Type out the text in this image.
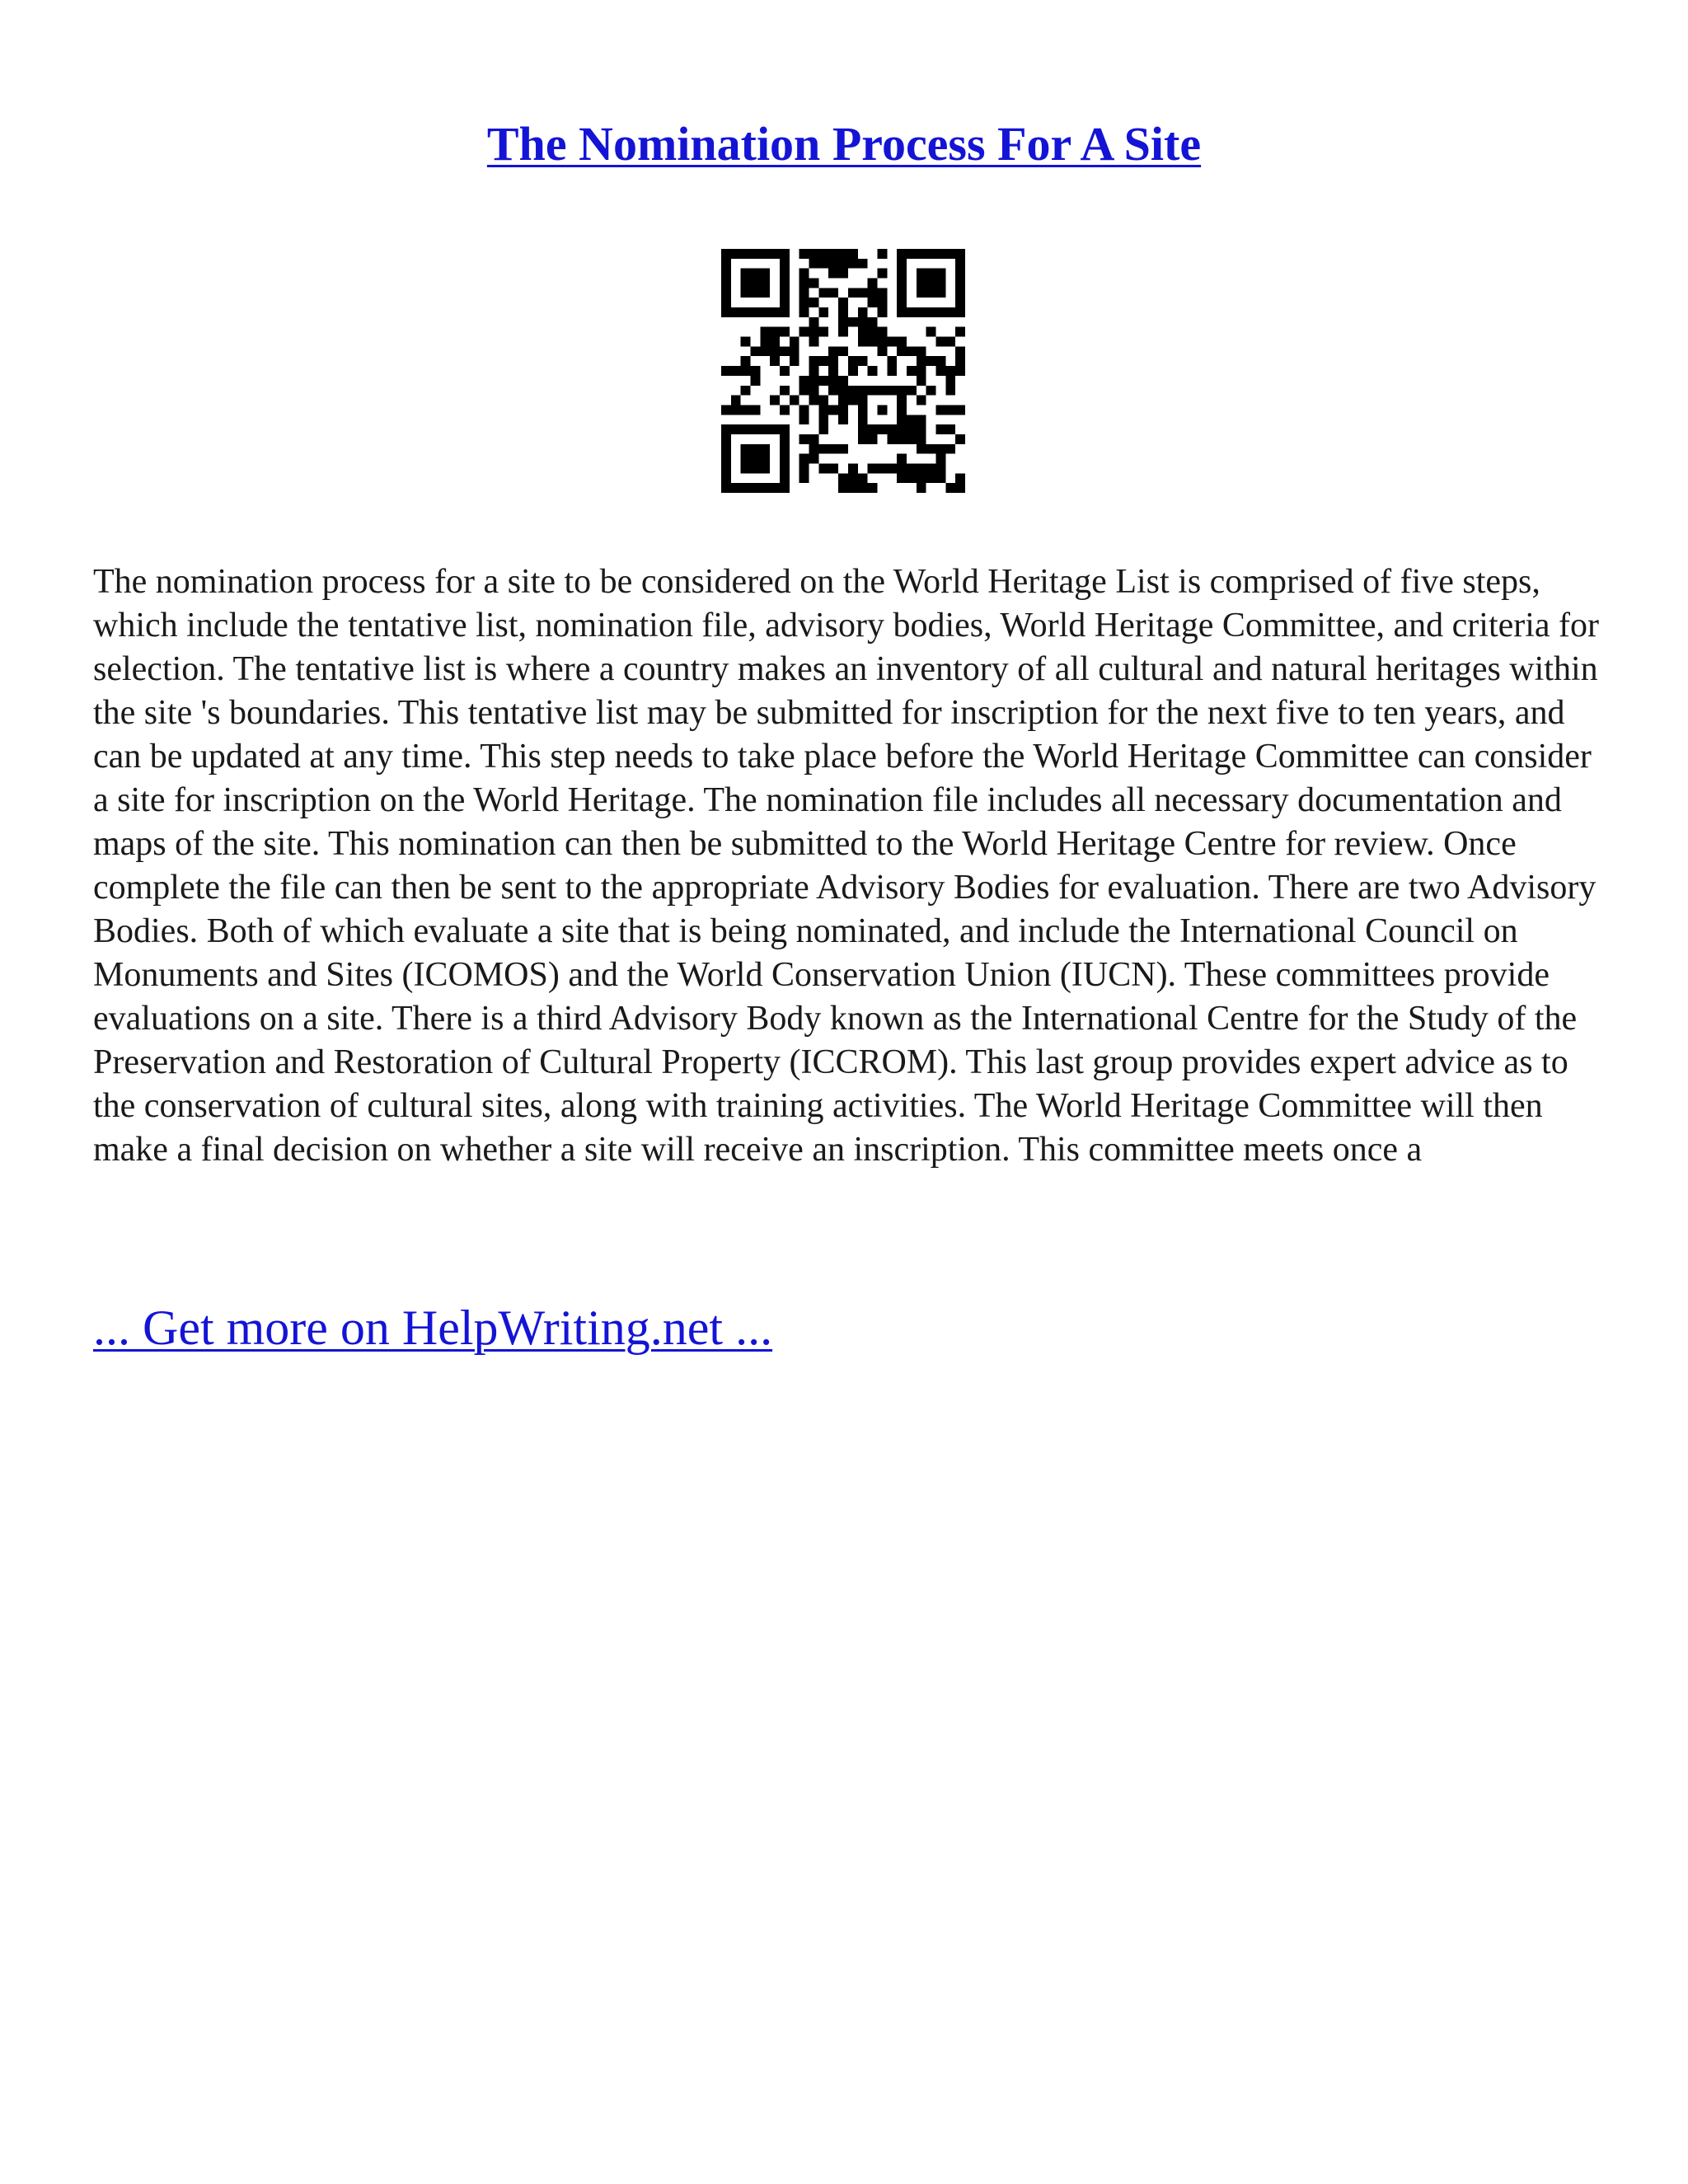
The Nomination Process For A Site

The nomination process for a site to be considered on the World Heritage List is comprised of five steps, which include the tentative list, nomination file, advisory bodies, World Heritage Committee, and criteria for selection. The tentative list is where a country makes an inventory of all cultural and natural heritages within the site 's boundaries. This tentative list may be submitted for inscription for the next five to ten years, and can be updated at any time. This step needs to take place before the World Heritage Committee can consider a site for inscription on the World Heritage. The nomination file includes all necessary documentation and maps of the site. This nomination can then be submitted to the World Heritage Centre for review. Once complete the file can then be sent to the appropriate Advisory Bodies for evaluation. There are two Advisory Bodies. Both of which evaluate a site that is being nominated, and include the International Council on Monuments and Sites (ICOMOS) and the World Conservation Union (IUCN). These committees provide evaluations on a site. There is a third Advisory Body known as the International Centre for the Study of the Preservation and Restoration of Cultural Property (ICCROM). This last group provides expert advice as to the conservation of cultural sites, along with training activities. The World Heritage Committee will then make a final decision on whether a site will receive an inscription. This committee meets once a

... Get more on HelpWriting.net ...
